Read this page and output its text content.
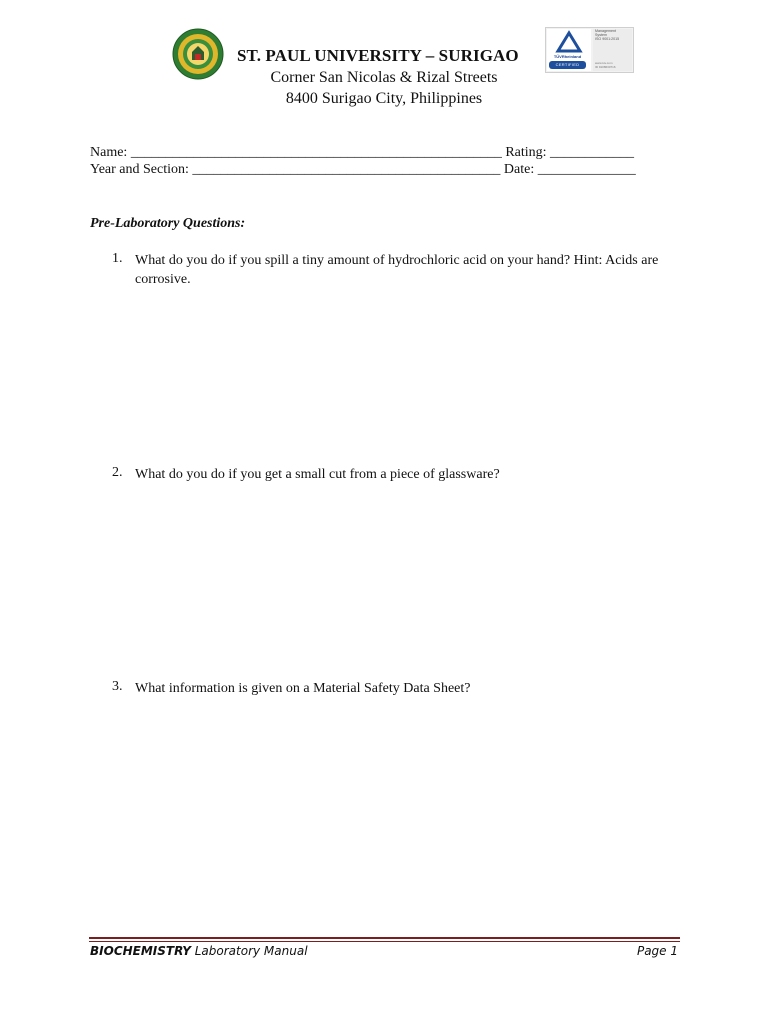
ST. PAUL UNIVERSITY – SURIGAO
Corner San Nicolas & Rizal Streets
8400 Surigao City, Philippines
TÜVRheinland
CERTIFIED
Management
System
ISO 9001:2015
www.tuv.com
ID 9108630716
Name: _____________________________________________________ Rating: ____________
Year and Section: ____________________________________________ Date: ______________
Pre-Laboratory Questions:
1. What do you do if you spill a tiny amount of hydrochloric acid on your hand? Hint: Acids are corrosive.
2. What do you do if you get a small cut from a piece of glassware?
3. What information is given on a Material Safety Data Sheet?
BIOCHEMISTRY Laboratory Manual	Page 1
